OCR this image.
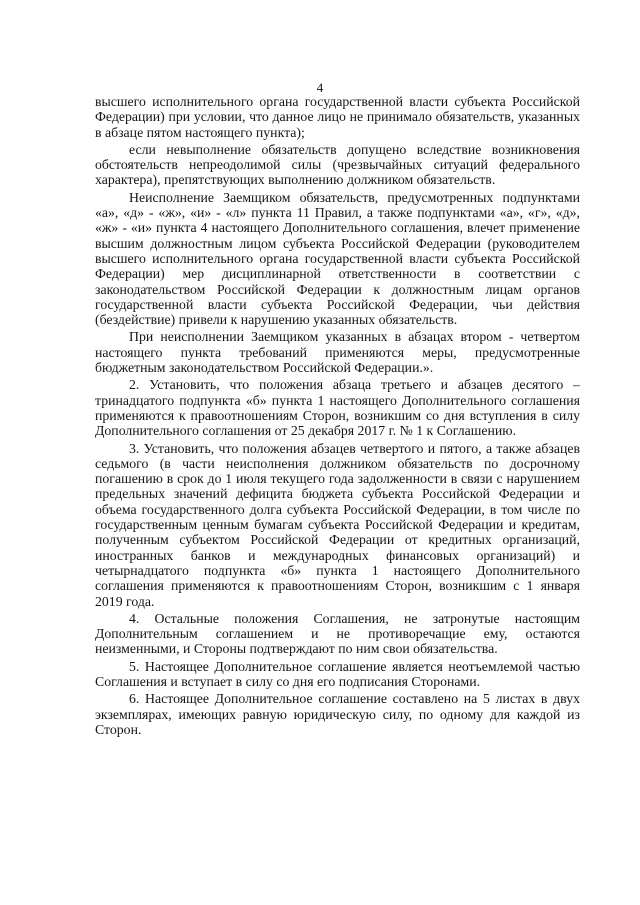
4

высшего исполнительного органа государственной власти субъекта Российской Федерации) при условии, что данное лицо не принимало обязательств, указанных в абзаце пятом настоящего пункта);

если невыполнение обязательств допущено вследствие возникновения обстоятельств непреодолимой силы (чрезвычайных ситуаций федерального характера), препятствующих выполнению должником обязательств.

Неисполнение Заемщиком обязательств, предусмотренных подпунктами «а», «д» - «ж», «и» - «л» пункта 11 Правил, а также подпунктами «а», «г», «д», «ж» - «и» пункта 4 настоящего Дополнительного соглашения, влечет применение высшим должностным лицом субъекта Российской Федерации (руководителем высшего исполнительного органа государственной власти субъекта Российской Федерации) мер дисциплинарной ответственности в соответствии с законодательством Российской Федерации к должностным лицам органов государственной власти субъекта Российской Федерации, чьи действия (бездействие) привели к нарушению указанных обязательств.

При неисполнении Заемщиком указанных в абзацах втором - четвертом настоящего пункта требований применяются меры, предусмотренные бюджетным законодательством Российской Федерации.».

2. Установить, что положения абзаца третьего и абзацев десятого – тринадцатого подпункта «б» пункта 1 настоящего Дополнительного соглашения применяются к правоотношениям Сторон, возникшим со дня вступления в силу Дополнительного соглашения от 25 декабря 2017 г. № 1 к Соглашению.

3. Установить, что положения абзацев четвертого и пятого, а также абзацев седьмого (в части неисполнения должником обязательств по досрочному погашению в срок до 1 июля текущего года задолженности в связи с нарушением предельных значений дефицита бюджета субъекта Российской Федерации и объема государственного долга субъекта Российской Федерации, в том числе по государственным ценным бумагам субъекта Российской Федерации и кредитам, полученным субъектом Российской Федерации от кредитных организаций, иностранных банков и международных финансовых организаций) и четырнадцатого подпункта «б» пункта 1 настоящего Дополнительного соглашения применяются к правоотношениям Сторон, возникшим с 1 января 2019 года.

4. Остальные положения Соглашения, не затронутые настоящим Дополнительным соглашением и не противоречащие ему, остаются неизменными, и Стороны подтверждают по ним свои обязательства.

5. Настоящее Дополнительное соглашение является неотъемлемой частью Соглашения и вступает в силу со дня его подписания Сторонами.

6. Настоящее Дополнительное соглашение составлено на 5 листах в двух экземплярах, имеющих равную юридическую силу, по одному для каждой из Сторон.
